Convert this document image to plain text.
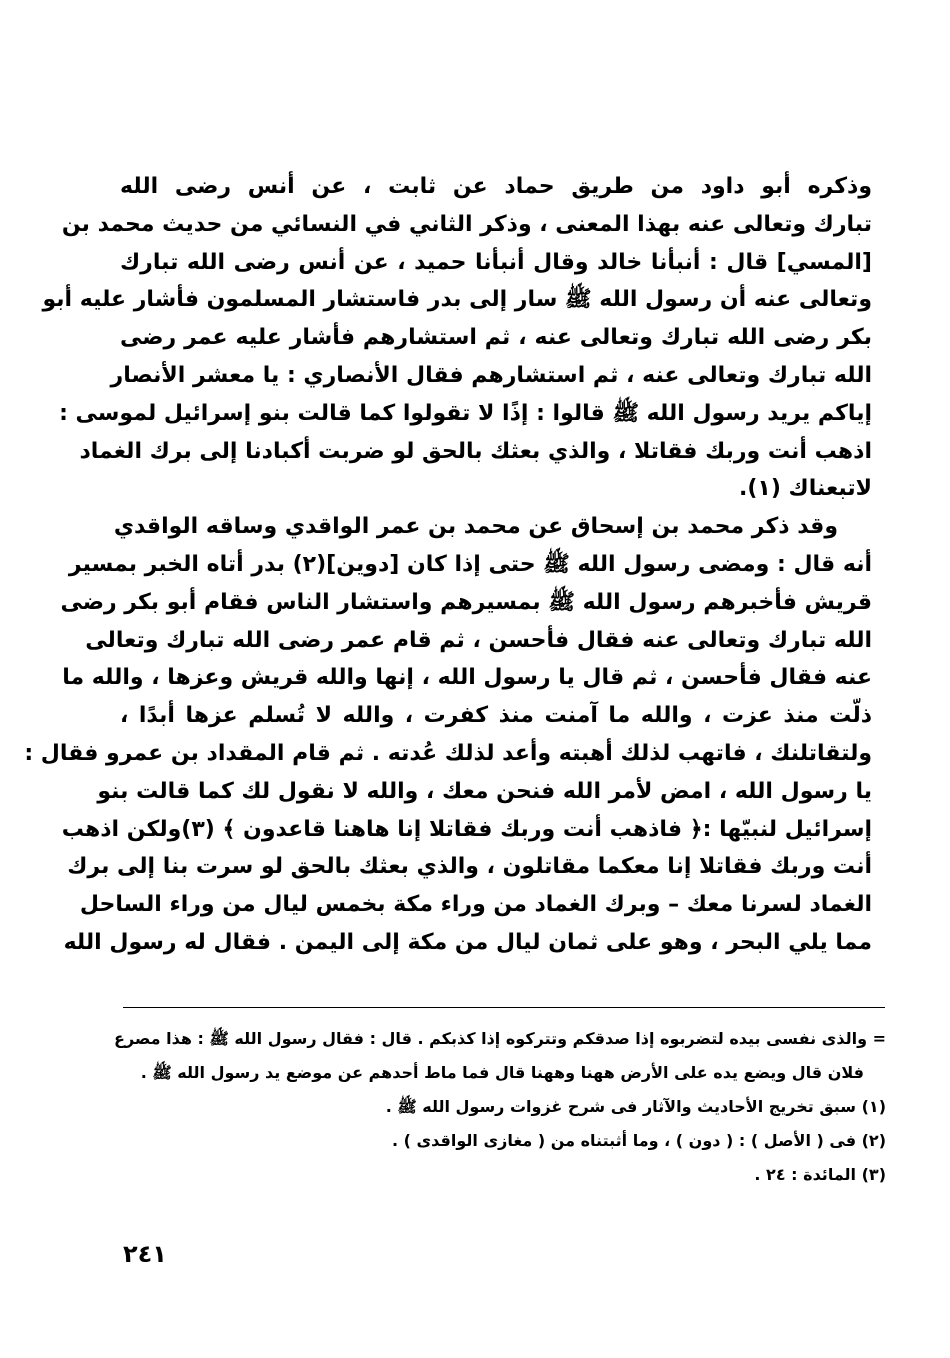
وذكره أبو داود من طريق حماد عن ثابت ، عن أنس رضى الله
تبارك وتعالى عنه بهذا المعنى ، وذكر الثاني في النسائي من حديث محمد بن
[المسي] قال : أنبأنا خالد وقال أنبأنا حميد ، عن أنس رضى الله تبارك
وتعالى عنه أن رسول الله ﷺ سار إلى بدر فاستشار المسلمون فأشار عليه أبو
بكر رضى الله تبارك وتعالى عنه ، ثم استشارهم فأشار عليه عمر رضى
الله تبارك وتعالى عنه ، ثم استشارهم فقال الأنصاري : يا معشر الأنصار
إياكم يريد رسول الله ﷺ قالوا : إذًا لا تقولوا كما قالت بنو إسرائيل لموسى :
اذهب أنت وربك فقاتلا ، والذي بعثك بالحق لو ضربت أكبادنا إلى برك الغماد
لاتبعناك (١).
وقد ذكر محمد بن إسحاق عن محمد بن عمر الواقدي وساقه الواقدي
أنه قال : ومضى رسول الله ﷺ حتى إذا كان [دوين](٢) بدر أتاه الخبر بمسير
قريش فأخبرهم رسول الله ﷺ بمسيرهم واستشار الناس فقام أبو بكر رضى
الله تبارك وتعالى عنه فقال فأحسن ، ثم قام عمر رضى الله تبارك وتعالى
عنه فقال فأحسن ، ثم قال يا رسول الله ، إنها والله قريش وعزها ، والله ما
ذلّت منذ عزت ، والله ما آمنت منذ كفرت ، والله لا تُسلم عزها أبدًا ،
ولتقاتلنك ، فاتهب لذلك أهبته وأعد لذلك عُدته . ثم قام المقداد بن عمرو فقال :
يا رسول الله ، امض لأمر الله فنحن معك ، والله لا نقول لك كما قالت بنو
إسرائيل لنبيّها :﴿ فاذهب أنت وربك فقاتلا إنا هاهنا قاعدون ﴾ (٣)ولكن اذهب
أنت وربك فقاتلا إنا معكما مقاتلون ، والذي بعثك بالحق لو سرت بنا إلى برك
الغماد لسرنا معك – وبرك الغماد من وراء مكة بخمس ليال من وراء الساحل
مما يلي البحر ، وهو على ثمان ليال من مكة إلى اليمن . فقال له رسول الله
= والذى نفسى بيده لتضربوه إذا صدقكم وتتركوه إذا كذبكم . قال : فقال رسول الله ﷺ : هذا مصرع
فلان قال ويضع يده على الأرض ههنا وههنا قال فما ماط أحدهم عن موضع يد رسول الله ﷺ .
(١) سبق تخريج الأحاديث والآثار فى شرح غزوات رسول الله ﷺ .
(٢) فى ( الأصل ) : ( دون ) ، وما أثبتناه من ( مغازى الواقدى ) .
(٣) المائدة : ٢٤ .
٢٤١
